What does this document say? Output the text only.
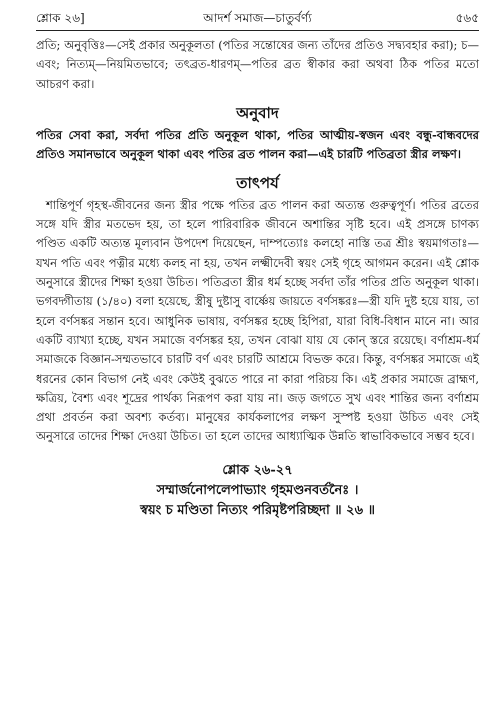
শ্লোক ২৬]	আদর্শ সমাজ—চাতুর্বর্ণ্য	৫৬৫

প্রতি; অনুবৃত্তিঃ—সেই প্রকার অনুকূলতা (পতির সন্তোষের জন্য তাঁদের প্রতিও সদ্ব্যবহার করা); চ—এবং; নিত্যম্—নিয়মিতভাবে; তৎব্রত-ধারণম্—পতির ব্রত স্বীকার করা অথবা ঠিক পতির মতো আচরণ করা।

অনুবাদ

পতির সেবা করা, সর্বদা পতির প্রতি অনুকূল থাকা, পতির আত্মীয়-স্বজন এবং বন্ধু-বান্ধবদের প্রতিও সমানভাবে অনুকূল থাকা এবং পতির ব্রত পালন করা—এই চারটি পতিব্রতা স্ত্রীর লক্ষণ।

তাৎপর্য

শান্তিপূর্ণ গৃহস্থ-জীবনের জন্য স্ত্রীর পক্ষে পতির ব্রত পালন করা অত্যন্ত গুরুত্বপূর্ণ। পতির ব্রতের সঙ্গে যদি স্ত্রীর মতভেদ হয়, তা হলে পারিবারিক জীবনে অশান্তির সৃষ্টি হবে। এই প্রসঙ্গে চাণক্য পণ্ডিত একটি অত্যন্ত মূল্যবান উপদেশ দিয়েছেন, দাম্পত্যোঃ কলহো নাস্তি তত্র শ্রীঃ স্বয়মাগতাঃ—যখন পতি এবং পত্নীর মধ্যে কলহ না হয়, তখন লক্ষ্মীদেবী স্বয়ং সেই গৃহে আগমন করেন। এই শ্লোক অনুসারে স্ত্রীদের শিক্ষা হওয়া উচিত। পতিব্রতা স্ত্রীর ধর্ম হচ্ছে সর্বদা তাঁর পতির প্রতি অনুকূল থাকা। ভগবদ্গীতায় (১/৪০) বলা হয়েছে, স্ত্রীষু দুষ্টাসু বার্ষ্ণেয় জায়তে বর্ণসঙ্করঃ—স্ত্রী যদি দুষ্ট হয়ে যায়, তা হলে বর্ণসঙ্কর সন্তান হবে। আধুনিক ভাষায়, বর্ণসঙ্কর হচ্ছে হিপিরা, যারা বিধি-বিধান মানে না। আর একটি ব্যাখ্যা হচ্ছে, যখন সমাজে বর্ণসঙ্কর হয়, তখন বোঝা যায় যে কোন্ স্তরে রয়েছে। বর্ণাশ্রম-ধর্ম সমাজকে বিজ্ঞান-সম্মতভাবে চারটি বর্ণ এবং চারটি আশ্রমে বিভক্ত করে। কিন্তু, বর্ণসঙ্কর সমাজে এই ধরনের কোন বিভাগ নেই এবং কেউই বুঝতে পারে না কারা পরিচয় কি। এই প্রকার সমাজে ব্রাহ্মণ, ক্ষত্রিয়, বৈশ্য এবং শূদ্রের পার্থক্য নিরূপণ করা যায় না। জড় জগতে সুখ এবং শান্তির জন্য বর্ণাশ্রম প্রথা প্রবর্তন করা অবশ্য কর্তব্য। মানুষের কার্যকলাপের লক্ষণ সুস্পষ্ট হওয়া উচিত এবং সেই অনুসারে তাদের শিক্ষা দেওয়া উচিত। তা হলে তাদের আধ্যাত্মিক উন্নতি স্বাভাবিকভাবে সম্ভব হবে।

শ্লোক ২৬-২৭
সম্মার্জনোপলেপাভ্যাং গৃহমণ্ডনবর্তনৈঃ ।
স্বয়ং চ মণ্ডিতা নিত্যং পরিমৃষ্টপরিচ্ছদা ॥ ২৬ ॥
